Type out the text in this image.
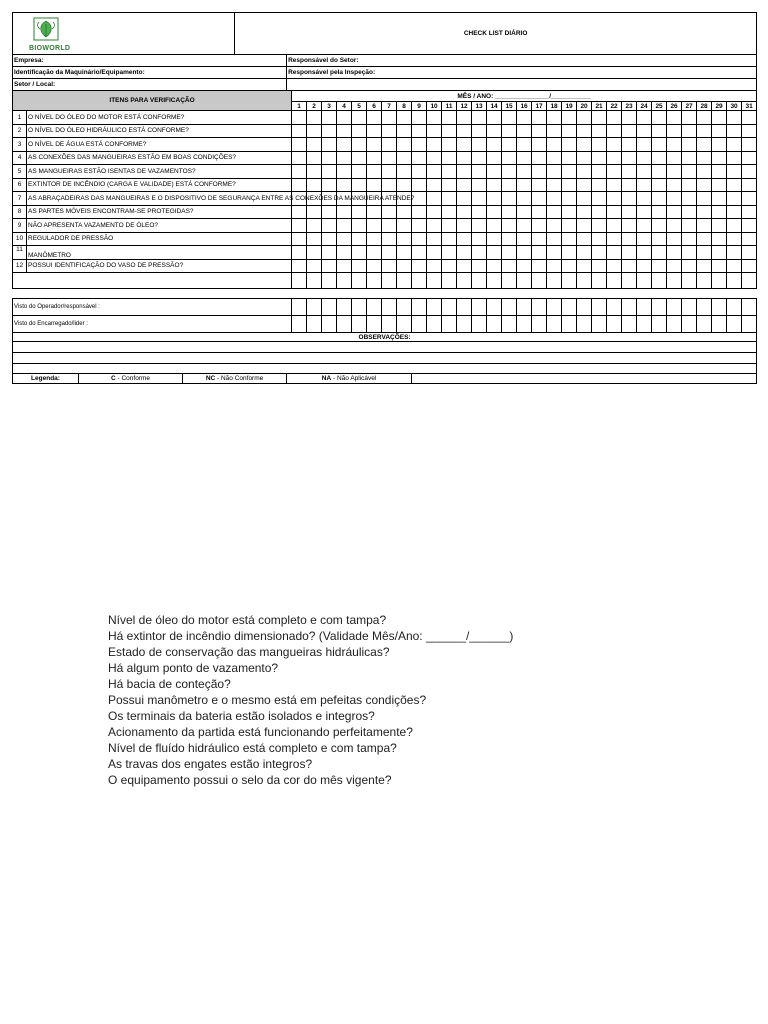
BIOWORLD				CHECK LIST DIÁRIO																																
Empresa:					Responsável do Setor:																															
Identificação da Maquinário/Equipamento:					Responsável pela Inspeção:																															
Setor / Local:																																				
ITENS PARA VERIFICAÇÃO						MÊS / ANO: _______________/___________																														
						1	2	3	4	5	6	7	8	9	10	11	12	13	14	15	16	17	18	19	20	21	22	23	24	25	26	27	28	29	30	31
1	O NÍVEL DO ÓLEO DO MOTOR ESTÁ CONFORME?																																			
2	O NÍVEL DO ÓLEO HIDRÁULICO ESTÁ CONFORME?																																			
3	O NÍVEL DE ÁGUA ESTÁ CONFORME?																																			
4	AS CONEXÕES DAS MANGUEIRAS ESTÃO EM BOAS CONDIÇÕES?																																			
5	AS MANGUEIRAS ESTÃO ISENTAS DE VAZAMENTOS?																																			
6	EXTINTOR DE INCÊNDIO (CARGA E VALIDADE) ESTÁ CONFORME?																																			
7	AS ABRAÇADEIRAS DAS MANGUEIRAS E O DISPOSITIVO DE SEGURANÇA ENTRE AS CONEXÕES DA MANGUEIRA ATENDE?																																			
8	AS PARTES MÓVEIS ENCONTRAM-SE PROTEGIDAS?																																			
9	NÃO APRESENTA VAZAMENTO DE ÓLEO?																																			
10	REGULADOR DE PRESSÃO																																			
11	MANÔMETRO																																			
12	POSSUI IDENTIFICAÇÃO DO VASO DE PRESSÃO?																																			

Visto do Operador/responsável :																																				
Visto do Encarregado/lider :																																				
OBSERVAÇÕES:																																				

Legenda:		C - Conforme	NC - Não Conforme		NA - Não Aplicável																															
Nível de óleo do motor está completo e com tampa?
Há extintor de incêndio dimensionado? (Validade Mês/Ano: ______/______)
Estado de conservação das mangueiras hidráulicas?
Há algum ponto de vazamento?
Há bacia de conteção?
Possui manômetro e o mesmo está em pefeitas condições?
Os terminais da bateria estão isolados e integros?
Acionamento da partida está funcionando perfeitamente?
Nível de fluído hidráulico está completo e com tampa?
As travas dos engates estão integros?
O equipamento possui o selo da cor do mês vigente?
